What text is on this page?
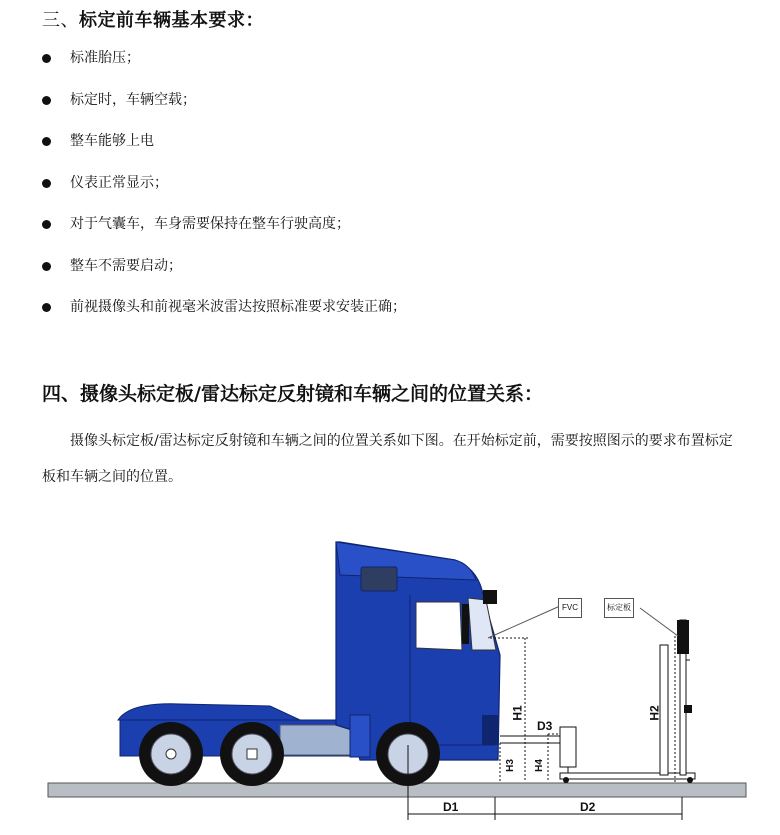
三、标定前车辆基本要求：
标准胎压；
标定时，车辆空载；
整车能够上电
仪表正常显示；
对于气囊车，车身需要保持在整车行驶高度；
整车不需要启动；
前视摄像头和前视毫米波雷达按照标准要求安装正确；
四、摄像头标定板/雷达标定反射镜和车辆之间的位置关系：
摄像头标定板/雷达标定反射镜和车辆之间的位置关系如下图。在开始标定前，需要按照图示的要求布置标定板和车辆之间的位置。
FVC	标定板
H1	H2
H3 H4
D1	D2
D3
